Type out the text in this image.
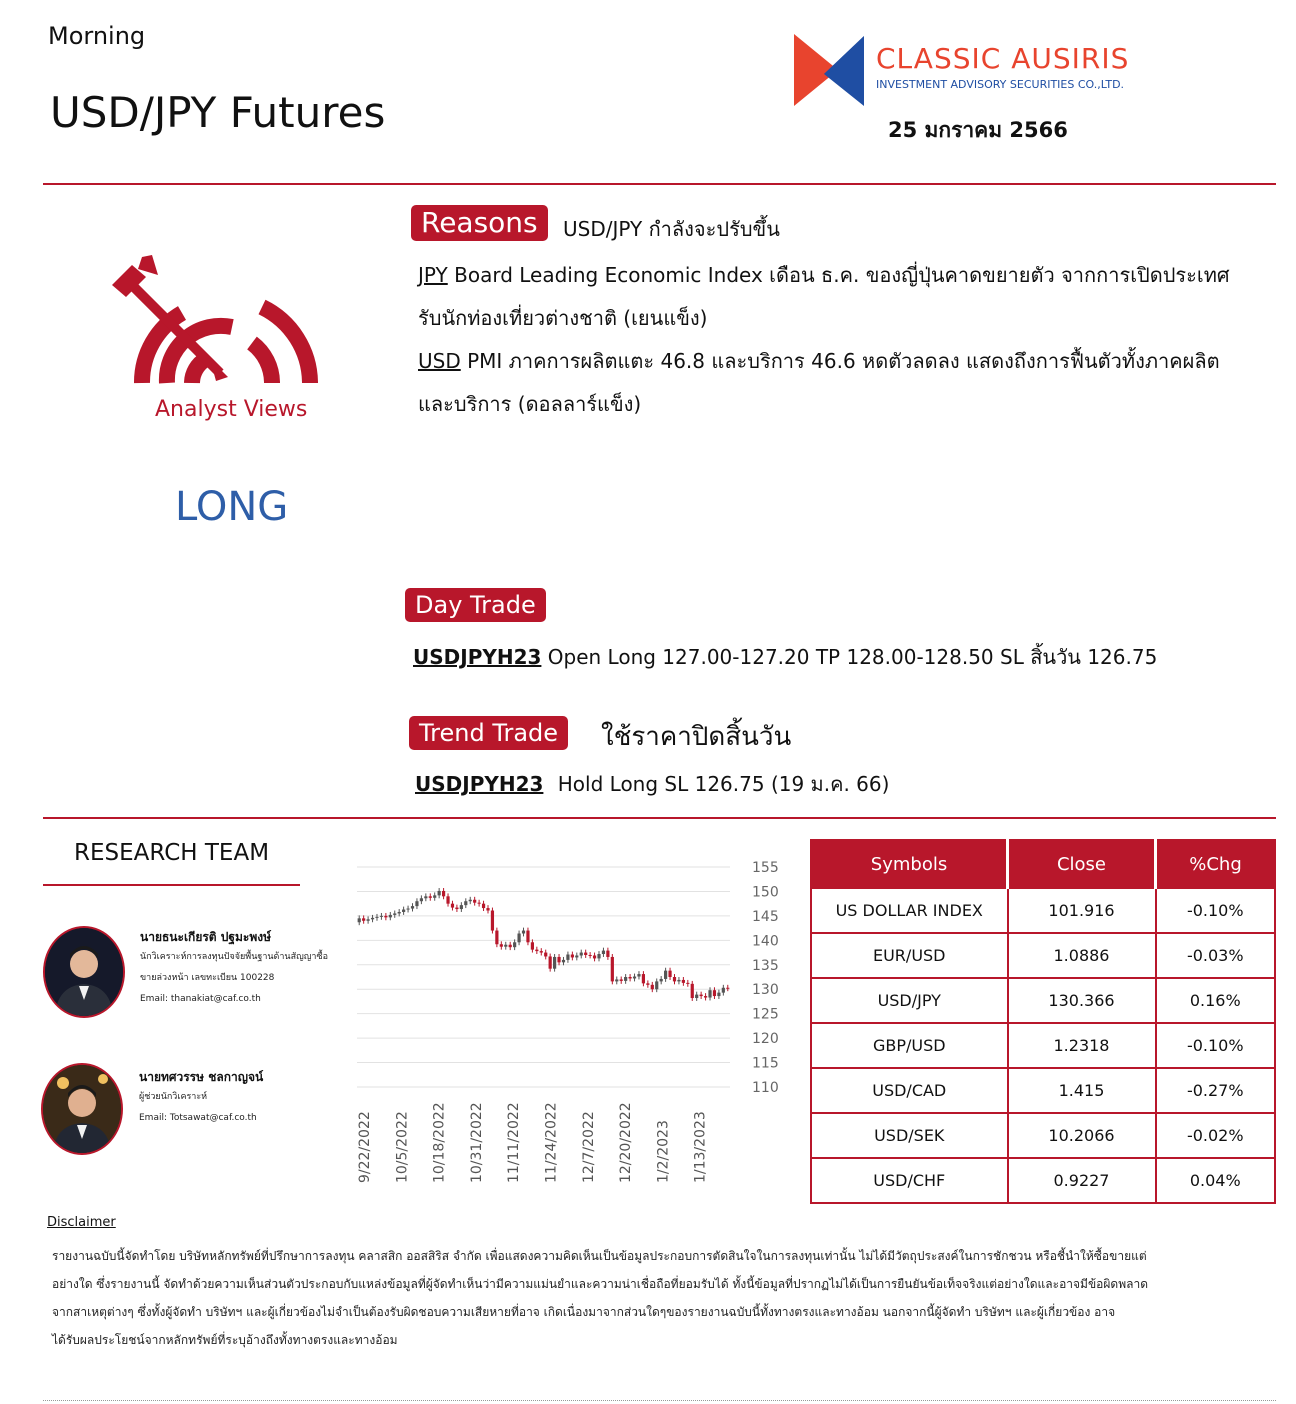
Morning
USD/JPY Futures
CLASSIC AUSIRIS
INVESTMENT ADVISORY SECURITIES CO.,LTD.
25 มกราคม 2566
Analyst Views
LONG
Reasons	USD/JPY กำลังจะปรับขึ้น
JPY Board Leading Economic Index เดือน ธ.ค. ของญี่ปุ่นคาดขยายตัว จากการเปิดประเทศ
รับนักท่องเที่ยวต่างชาติ (เยนแข็ง)
USD PMI ภาคการผลิตแตะ 46.8 และบริการ 46.6 หดตัวลดลง แสดงถึงการฟื้นตัวทั้งภาคผลิต
และบริการ (ดอลลาร์แข็ง)
Day Trade
USDJPYH23 Open Long 127.00-127.20 TP 128.00-128.50 SL สิ้นวัน 126.75
Trend Trade	ใช้ราคาปิดสิ้นวัน
USDJPYH23 Hold Long SL 126.75 (19 ม.ค. 66)
RESEARCH TEAM
นายธนะเกียรติ ปฐมะพงษ์
นักวิเคราะห์การลงทุนปัจจัยพื้นฐานด้านสัญญาซื้อ
ขายล่วงหน้า เลขทะเบียน 100228
Email: thanakiat@caf.co.th
นายทศวรรษ ชลกาญจน์
ผู้ช่วยนักวิเคราะห์
Email: Totsawat@caf.co.th
155
150
145
140
135
130
125
120
115
110
9/22/2022 10/5/2022 10/18/2022 10/31/2022 11/11/2022 11/24/2022 12/7/2022 12/20/2022 1/2/2023 1/13/2023
Symbols	Close	%Chg
US DOLLAR INDEX	101.916	-0.10%
EUR/USD	1.0886	-0.03%
USD/JPY	130.366	0.16%
GBP/USD	1.2318	-0.10%
USD/CAD	1.415	-0.27%
USD/SEK	10.2066	-0.02%
USD/CHF	0.9227	0.04%
Disclaimer
รายงานฉบับนี้จัดทำโดย บริษัทหลักทรัพย์ที่ปรึกษาการลงทุน คลาสสิก ออสสิริส จำกัด เพื่อแสดงความคิดเห็นเป็นข้อมูลประกอบการตัดสินใจในการลงทุนเท่านั้น ไม่ได้มีวัตถุประสงค์ในการชักชวน หรือชี้นำให้ซื้อขายแต่
อย่างใด ซึ่งรายงานนี้ จัดทำด้วยความเห็นส่วนตัวประกอบกับแหล่งข้อมูลที่ผู้จัดทำเห็นว่ามีความแม่นยำและความน่าเชื่อถือที่ยอมรับได้ ทั้งนี้ข้อมูลที่ปรากฏไม่ได้เป็นการยืนยันข้อเท็จจริงแต่อย่างใดและอาจมีข้อผิดพลาด
จากสาเหตุต่างๆ ซึ่งทั้งผู้จัดทำ บริษัทฯ และผู้เกี่ยวข้องไม่จำเป็นต้องรับผิดชอบความเสียหายที่อาจ เกิดเนื่องมาจากส่วนใดๆของรายงานฉบับนี้ทั้งทางตรงและทางอ้อม นอกจากนี้ผู้จัดทำ บริษัทฯ และผู้เกี่ยวข้อง อาจ
ได้รับผลประโยชน์จากหลักทรัพย์ที่ระบุอ้างถึงทั้งทางตรงและทางอ้อม
